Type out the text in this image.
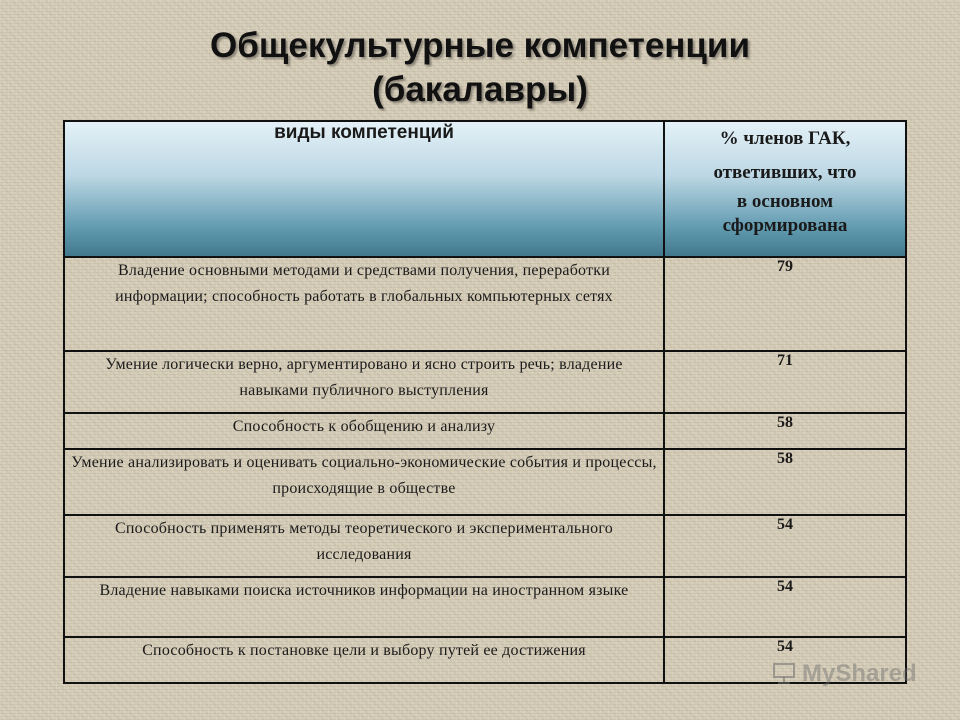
Общекультурные компетенции
(бакалавры)
виды компетенций	% членов ГАК,
ответивших, что
в основном
сформирована

Владение основными методами и средствами получения, переработки информации; способность работать в глобальных компьютерных сетях	79
Умение логически верно, аргументировано и ясно строить речь; владение навыками публичного выступления	71
Способность к обобщению и анализу	58
Умение анализировать и оценивать социально-экономические события и процессы, происходящие в обществе	58
Способность применять методы теоретического и экспериментального исследования	54
Владение навыками поиска источников информации на иностранном языке	54
Способность к постановке цели и выбору путей ее достижения	54
MyShared
